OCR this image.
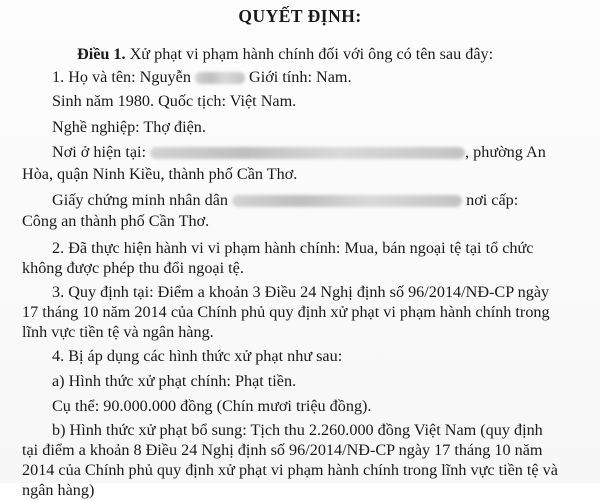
QUYẾT ĐỊNH:
Điều 1. Xử phạt vi phạm hành chính đối với ông có tên sau đây:
1. Họ và tên: Nguyễn	Giới tính: Nam.
Sinh năm 1980. Quốc tịch: Việt Nam.
Nghề nghiệp: Thợ điện.
Nơi ở hiện tại:	, phường An
Hòa, quận Ninh Kiều, thành phố Cần Thơ.
Giấy chứng minh nhân dân	nơi cấp:
Công an thành phố Cần Thơ.
2. Đã thực hiện hành vi vi phạm hành chính: Mua, bán ngoại tệ tại tổ chức
không được phép thu đổi ngoại tệ.
3. Quy định tại: Điểm a khoản 3 Điều 24 Nghị định số 96/2014/NĐ-CP ngày
17 tháng 10 năm 2014 của Chính phủ quy định xử phạt vi phạm hành chính trong
lĩnh vực tiền tệ và ngân hàng.
4. Bị áp dụng các hình thức xử phạt như sau:
a) Hình thức xử phạt chính: Phạt tiền.
Cụ thể: 90.000.000 đồng (Chín mươi triệu đồng).
b) Hình thức xử phạt bổ sung: Tịch thu 2.260.000 đồng Việt Nam (quy định
tại điểm a khoản 8 Điều 24 Nghị định số 96/2014/NĐ-CP ngày 17 tháng 10 năm
2014 của Chính phủ quy định xử phạt vi phạm hành chính trong lĩnh vực tiền tệ và
ngân hàng)
